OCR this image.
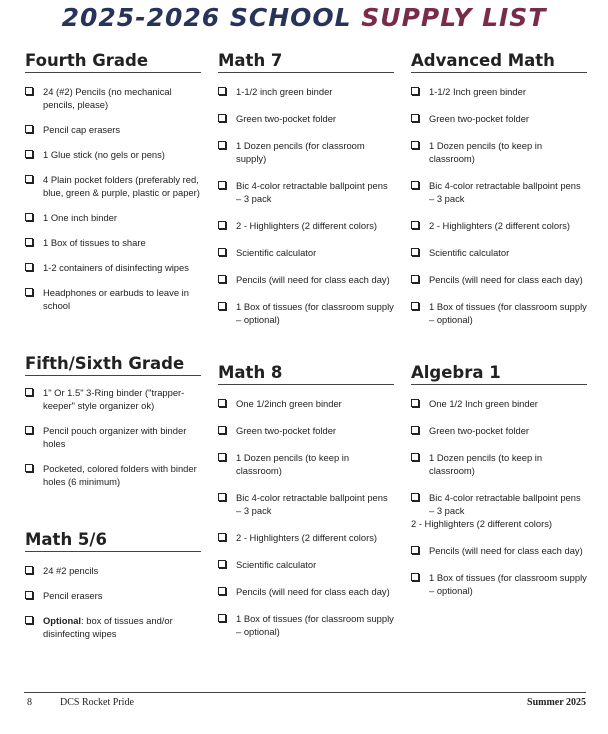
2025-2026 SCHOOL SUPPLY LIST
Fourth Grade
24 (#2) Pencils (no mechanical pencils, please)
Pencil cap erasers
1 Glue stick (no gels or pens)
4 Plain pocket folders (preferably red, blue, green & purple, plastic or paper)
1 One inch binder
1 Box of tissues to share
1-2 containers of disinfecting wipes
Headphones or earbuds to leave in school
Fifth/Sixth Grade
1" Or 1.5" 3-Ring binder ("trapper-keeper" style organizer ok)
Pencil pouch organizer with binder holes
Pocketed, colored folders with binder holes (6 minimum)
Math 5/6
24 #2 pencils
Pencil erasers
Optional: box of tissues and/or disinfecting wipes
Math 7
1-1/2 inch green binder
Green two-pocket folder
1 Dozen pencils (for classroom supply)
Bic 4-color retractable ballpoint pens – 3 pack
2 - Highlighters (2 different colors)
Scientific calculator
Pencils (will need for class each day)
1 Box of tissues (for classroom supply – optional)
Math 8
One 1/2inch green binder
Green two-pocket folder
1 Dozen pencils (to keep in classroom)
Bic 4-color retractable ballpoint pens – 3 pack
2 - Highlighters (2 different colors)
Scientific calculator
Pencils (will need for class each day)
1 Box of tissues (for classroom supply – optional)
Advanced Math
1-1/2 Inch green binder
Green two-pocket folder
1 Dozen pencils (to keep in classroom)
Bic 4-color retractable ballpoint pens – 3 pack
2 - Highlighters (2 different colors)
Scientific calculator
Pencils (will need for class each day)
1 Box of tissues (for classroom supply – optional)
Algebra 1
One 1/2 Inch green binder
Green two-pocket folder
1 Dozen pencils (to keep in classroom)
Bic 4-color retractable ballpoint pens – 3 pack
2 - Highlighters (2 different colors)
Pencils (will need for class each day)
1 Box of tissues (for classroom supply – optional)
8	DCS Rocket Pride	Summer 2025
